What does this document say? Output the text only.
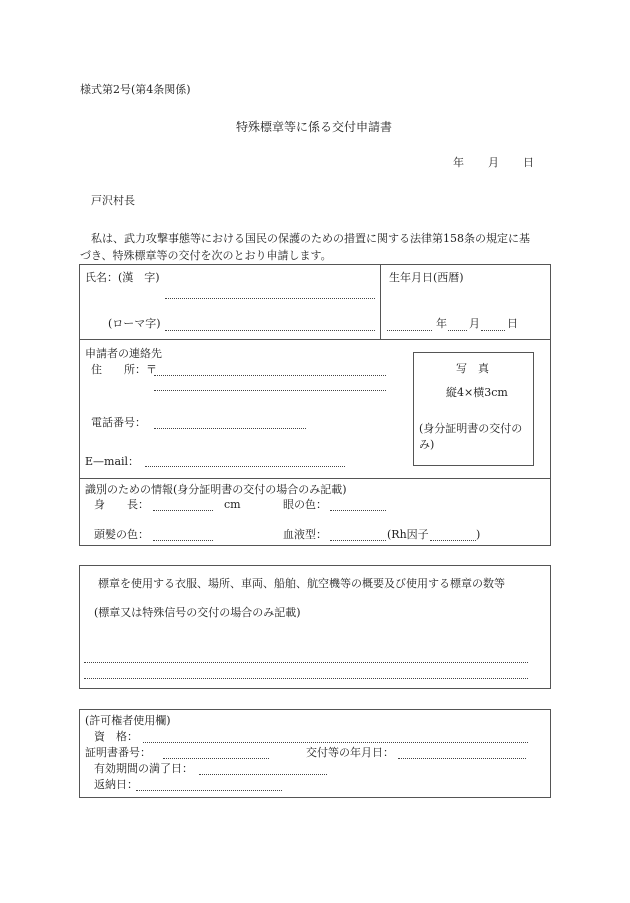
様式第2号(第4条関係)
特殊標章等に係る交付申請書
年 月 日
戸沢村長
私は、武力攻撃事態等における国民の保護のための措置に関する法律第158条の規定に基
づき、特殊標章等の交付を次のとおり申請します。
氏名：(漢　字)
(ローマ字)
生年月日(西暦)
年 月 日
申請者の連絡先
住　　所：〒
電話番号：
E—mail：
写　真
縦4×横3cm
(身分証明書の交付の
み)
識別のための情報(身分証明書の交付の場合のみ記載)
身　　長：	cm	眼の色：
頭髪の色：	血液型：	(Rh因子	)
標章を使用する衣服、場所、車両、船舶、航空機等の概要及び使用する標章の数等
(標章又は特殊信号の交付の場合のみ記載)
(許可権者使用欄)
資　格：
証明書番号：	交付等の年月日：
有効期間の満了日：
返納日：
